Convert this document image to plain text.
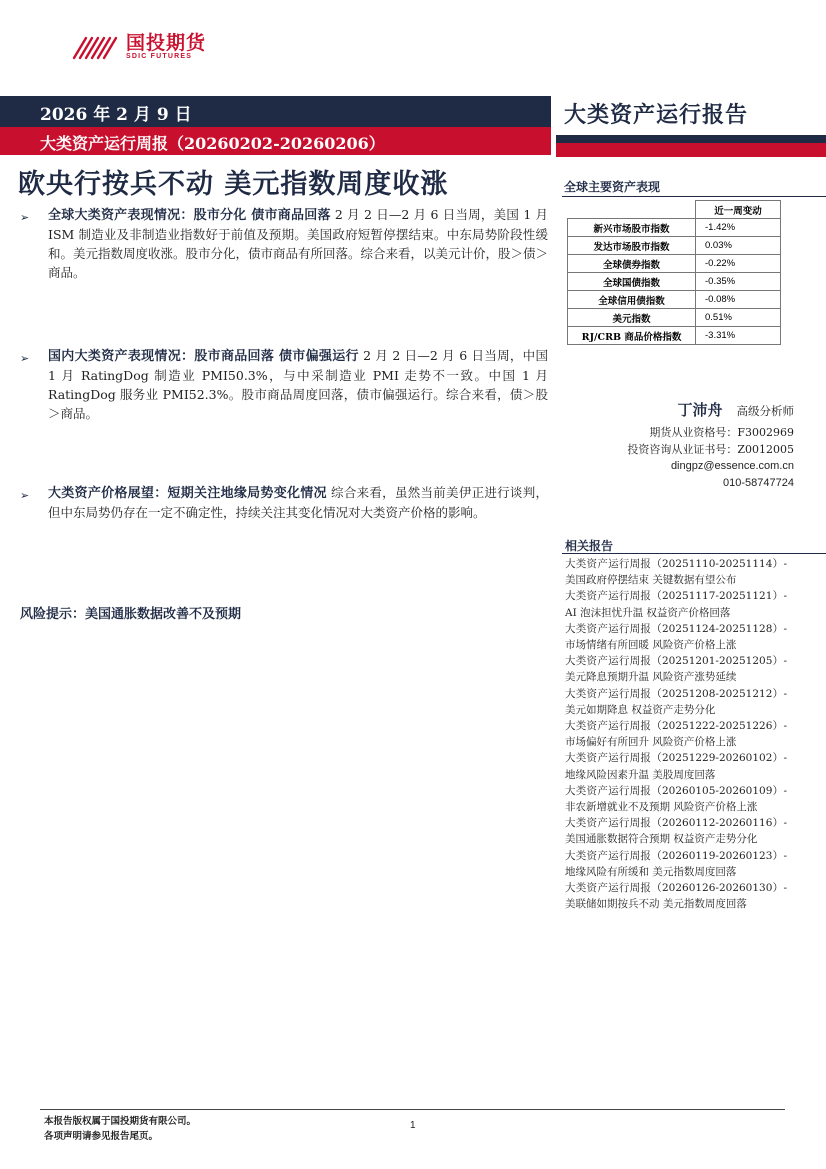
国投期货
SDIC FUTURES
2026 年 2 月 9 日
大类资产运行周报（20260202-20260206）
大类资产运行报告
欧央行按兵不动 美元指数周度收涨
➢ 全球大类资产表现情况：股市分化 债市商品回落 2 月 2 日—2 月 6 日当周，美国 1 月 ISM 制造业及非制造业指数好于前值及预期。美国政府短暂停摆结束。中东局势阶段性缓和。美元指数周度收涨。股市分化，债市商品有所回落。综合来看，以美元计价，股＞债＞商品。

➢ 国内大类资产表现情况：股市商品回落 债市偏强运行 2 月 2 日—2 月 6 日当周，中国 1 月 RatingDog 制造业 PMI50.3%，与中采制造业 PMI 走势不一致。中国 1 月 RatingDog 服务业 PMI52.3%。股市商品周度回落，债市偏强运行。综合来看，债＞股＞商品。

➢ 大类资产价格展望：短期关注地缘局势变化情况 综合来看，虽然当前美伊正进行谈判，但中东局势仍存在一定不确定性，持续关注其变化情况对大类资产价格的影响。

风险提示：美国通胀数据改善不及预期
全球主要资产表现
	近一周变动
新兴市场股市指数	-1.42%
发达市场股市指数	0.03%
全球债券指数	-0.22%
全球国债指数	-0.35%
全球信用债指数	-0.08%
美元指数	0.51%
RJ/CRB 商品价格指数	-3.31%
丁沛舟 高级分析师
期货从业资格号：F3002969
投资咨询从业证书号：Z0012005
dingpz@essence.com.cn
010-58747724
相关报告
大类资产运行周报（20251110-20251114）-美国政府停摆结束 关键数据有望公布
大类资产运行周报（20251117-20251121）- AI 泡沫担忧升温 权益资产价格回落
大类资产运行周报（20251124-20251128）- 市场情绪有所回暖 风险资产价格上涨
大类资产运行周报（20251201-20251205）- 美元降息预期升温 风险资产涨势延续
大类资产运行周报（20251208-20251212）- 美元如期降息 权益资产走势分化
大类资产运行周报（20251222-20251226）- 市场偏好有所回升 风险资产价格上涨
大类资产运行周报（20251229-20260102）- 地缘风险因素升温 美股周度回落
大类资产运行周报（20260105-20260109）- 非农新增就业不及预期 风险资产价格上涨
大类资产运行周报（20260112-20260116）- 美国通胀数据符合预期 权益资产走势分化
大类资产运行周报（20260119-20260123）- 地缘风险有所缓和 美元指数周度回落
大类资产运行周报（20260126-20260130）- 美联储如期按兵不动 美元指数周度回落
本报告版权属于国投期货有限公司。
各项声明请参见报告尾页。
1
